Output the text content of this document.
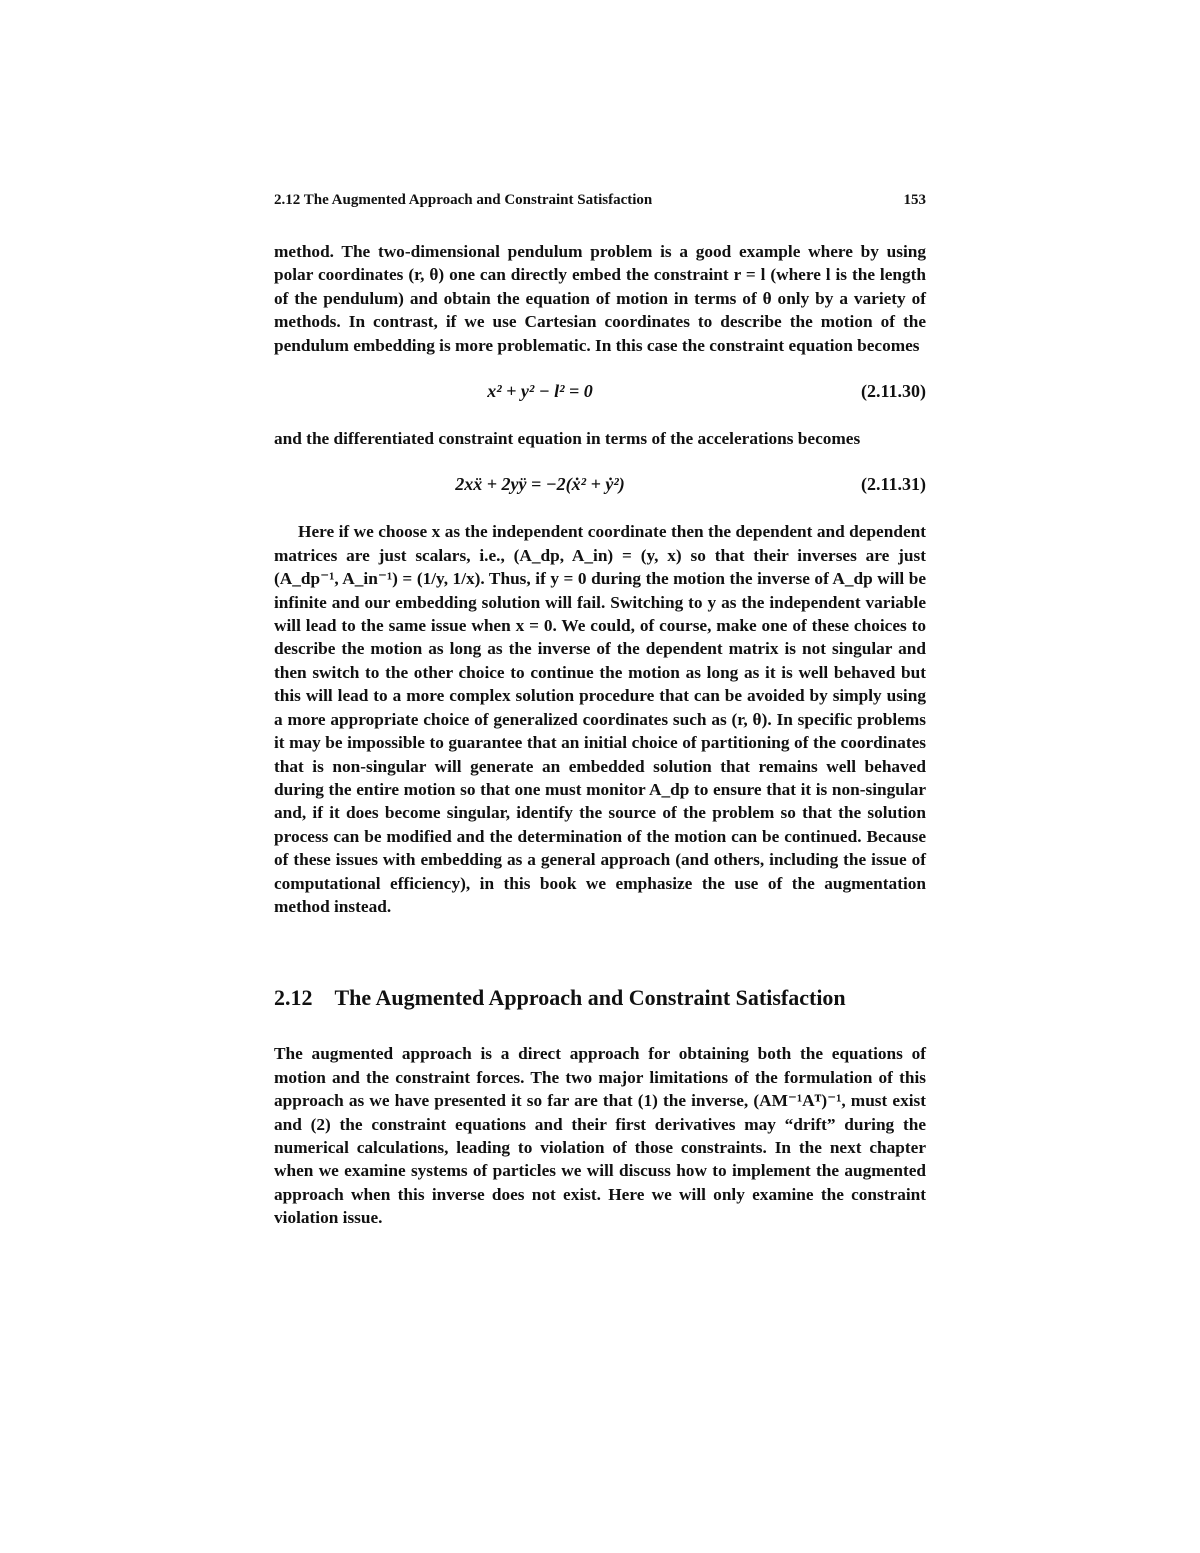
2.12 The Augmented Approach and Constraint Satisfaction	153

method. The two-dimensional pendulum problem is a good example where by using polar coordinates (r, θ) one can directly embed the constraint r = l (where l is the length of the pendulum) and obtain the equation of motion in terms of θ only by a variety of methods. In contrast, if we use Cartesian coordinates to describe the motion of the pendulum embedding is more problematic. In this case the constraint equation becomes

x² + y² − l² = 0	(2.11.30)

and the differentiated constraint equation in terms of the accelerations becomes

2xẍ + 2yÿ = −2(ẋ² + ẏ²)	(2.11.31)

Here if we choose x as the independent coordinate then the dependent and dependent matrices are just scalars, i.e., (A_dp, A_in) = (y, x) so that their inverses are just (A_dp⁻¹, A_in⁻¹) = (1/y, 1/x). Thus, if y = 0 during the motion the inverse of A_dp will be infinite and our embedding solution will fail. Switching to y as the independent variable will lead to the same issue when x = 0. We could, of course, make one of these choices to describe the motion as long as the inverse of the dependent matrix is not singular and then switch to the other choice to continue the motion as long as it is well behaved but this will lead to a more complex solution procedure that can be avoided by simply using a more appropriate choice of generalized coordinates such as (r, θ). In specific problems it may be impossible to guarantee that an initial choice of partitioning of the coordinates that is non-singular will generate an embedded solution that remains well behaved during the entire motion so that one must monitor A_dp to ensure that it is non-singular and, if it does become singular, identify the source of the problem so that the solution process can be modified and the determination of the motion can be continued. Because of these issues with embedding as a general approach (and others, including the issue of computational efficiency), in this book we emphasize the use of the augmentation method instead.

2.12 The Augmented Approach and Constraint Satisfaction

The augmented approach is a direct approach for obtaining both the equations of motion and the constraint forces. The two major limitations of the formulation of this approach as we have presented it so far are that (1) the inverse, (AM⁻¹Aᵀ)⁻¹, must exist and (2) the constraint equations and their first derivatives may “drift” during the numerical calculations, leading to violation of those constraints. In the next chapter when we examine systems of particles we will discuss how to implement the augmented approach when this inverse does not exist. Here we will only examine the constraint violation issue.
